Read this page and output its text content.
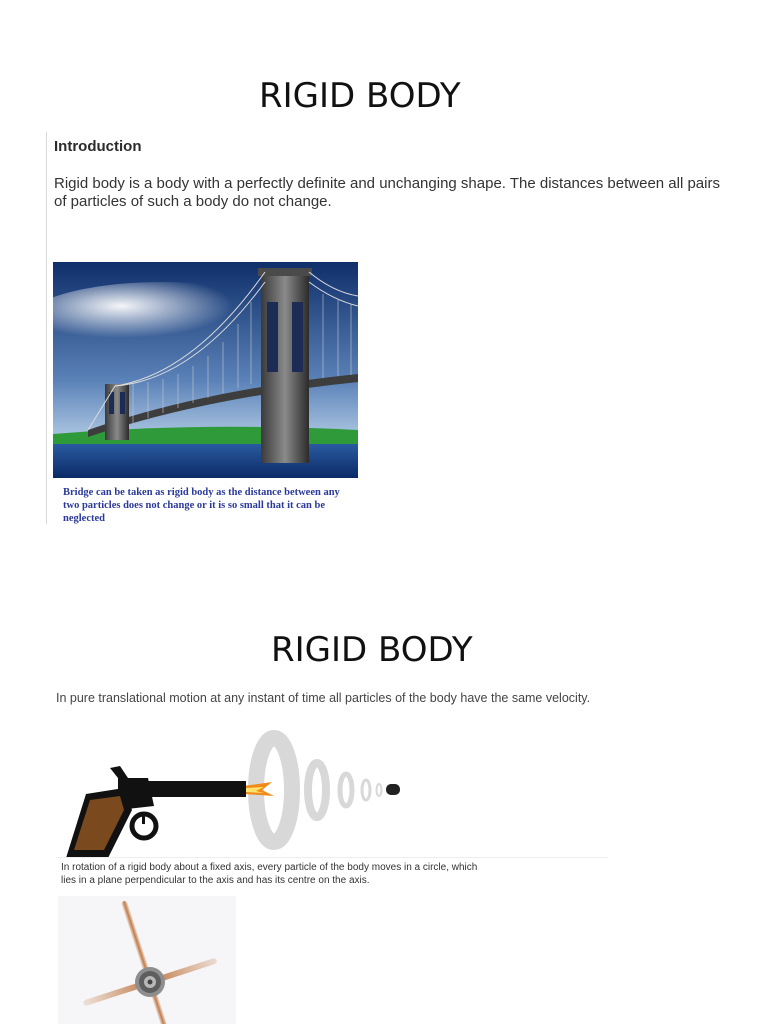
RIGID BODY
Introduction
Rigid body is a body with a perfectly definite and unchanging shape. The distances between all pairs of particles of such a body do not change.
Bridge can be taken as rigid body as the distance between any two particles does not change or it is so small that it can be neglected
RIGID BODY
In pure translational motion at any instant of time all particles of the body have the same velocity.
In rotation of a rigid body about a fixed axis, every particle of the body moves in a circle, which lies in a plane perpendicular to the axis and has its centre on the axis.
